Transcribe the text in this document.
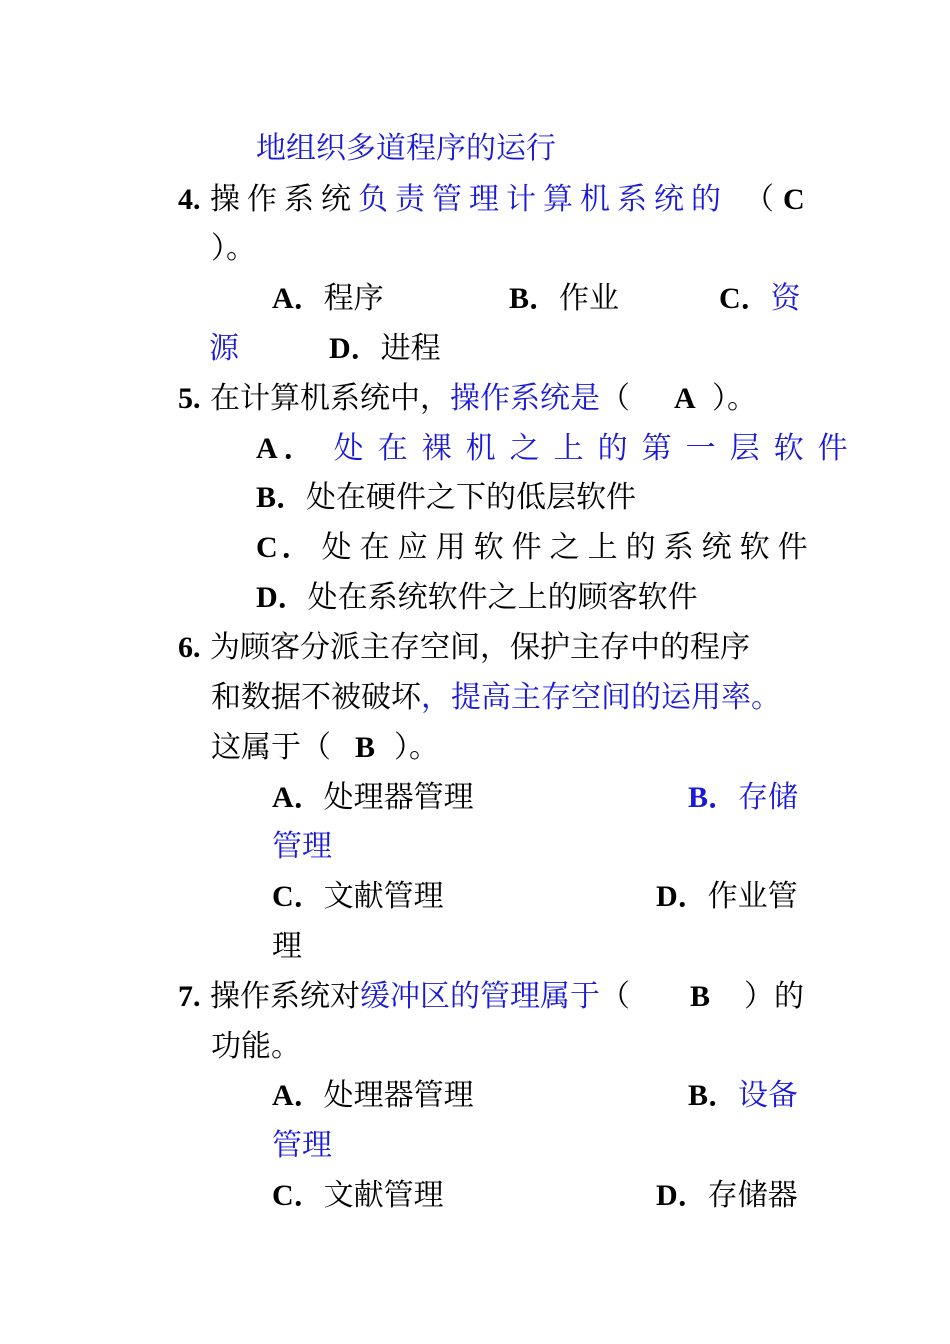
地组织多道程序的运行
4. 操作系统负责管理计算机系统的 （ C
）。
A．程序	B．作业	C．资
源	D．进程
5. 在计算机系统中，操作系统是（ A ）。
A． 处在裸机之上的第一层软件
B．处在硬件之下的低层软件
C． 处在应用软件之上的系统软件
D．处在系统软件之上的顾客软件
6. 为顾客分派主存空间，保护主存中的程序
和数据不被破坏，提高主存空间的运用率。
这属于（ B ）。
A．处理器管理	B．存储
管理
C．文献管理	D．作业管
理
7. 操作系统对缓冲区的管理属于（ B ）的
功能。
A．处理器管理	B．设备
管理
C．文献管理	D．存储器
